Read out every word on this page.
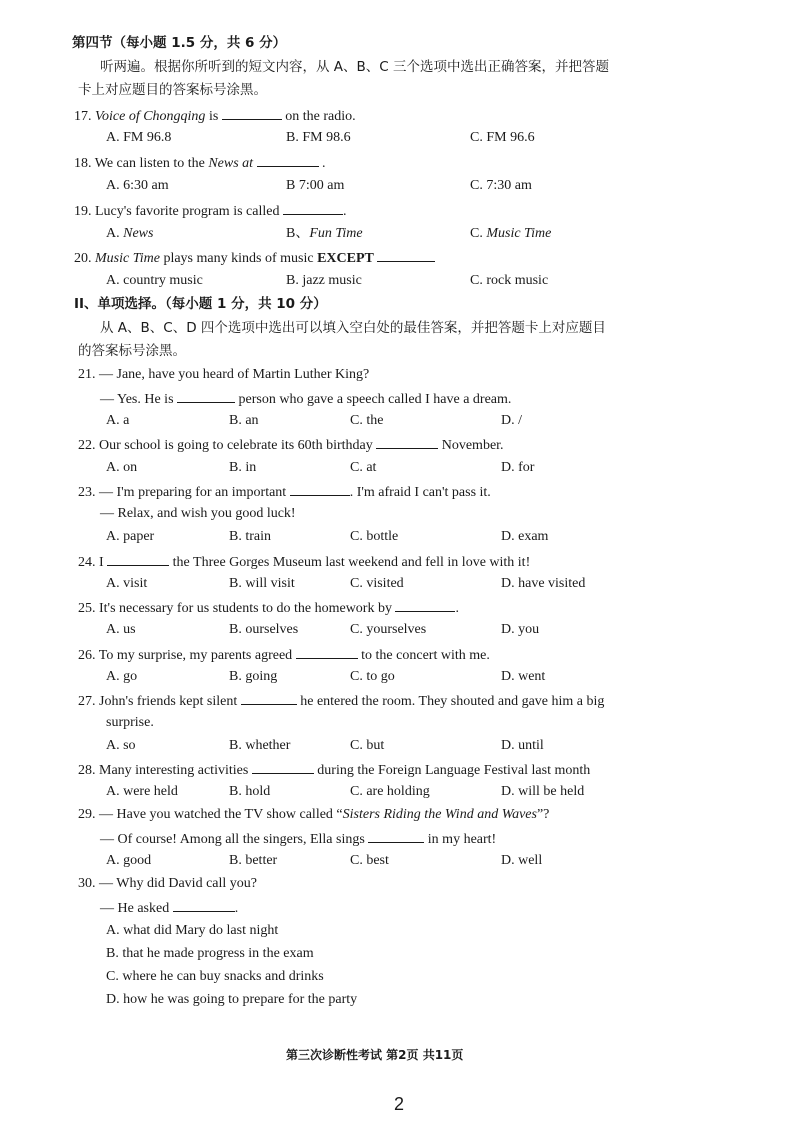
第四节（每小题 1.5 分，共 6 分）
听两遍。根据你所听到的短文内容，从 A、B、C 三个选项中选出正确答案，并把答题
卡上对应题目的答案标号涂黑。
17. Voice of Chongqing is	on the radio.
A. FM 96.8	B. FM 98.6	C. FM 96.6
18. We can listen to the News at	.
A. 6:30 am	B 7:00 am	C. 7:30 am
19. Lucy's favorite program is called	.
A. News	B、Fun Time	C. Music Time
20. Music Time plays many kinds of music EXCEPT
A. country music	B. jazz music	C. rock music
II、单项选择。（每小题 1 分，共 10 分）
从 A、B、C、D 四个选项中选出可以填入空白处的最佳答案，并把答题卡上对应题目
的答案标号涂黑。
21. — Jane, have you heard of Martin Luther King?
— Yes. He is	person who gave a speech called I have a dream.
A. a	B. an	C. the	D. /
22. Our school is going to celebrate its 60th birthday	November.
A. on	B. in	C. at	D. for
23. — I'm preparing for an important	. I'm afraid I can't pass it.
— Relax, and wish you good luck!
A. paper	B. train	C. bottle	D. exam
24. I	the Three Gorges Museum last weekend and fell in love with it!
A. visit	B. will visit	C. visited	D. have visited
25. It's necessary for us students to do the homework by	.
A. us	B. ourselves	C. yourselves	D. you
26. To my surprise, my parents agreed	to the concert with me.
A. go	B. going	C. to go	D. went
27. John's friends kept silent	he entered the room. They shouted and gave him a big
surprise.
A. so	B. whether	C. but	D. until
28. Many interesting activities	during the Foreign Language Festival last month
A. were held	B. hold	C. are holding	D. will be held
29. — Have you watched the TV show called “Sisters Riding the Wind and Waves”?
— Of course! Among all the singers, Ella sings	in my heart!
A. good	B. better	C. best	D. well
30. — Why did David call you?
— He asked	.
A. what did Mary do last night
B. that he made progress in the exam
C. where he can buy snacks and drinks
D. how he was going to prepare for the party
第三次诊断性考试 第2页 共11页
2
